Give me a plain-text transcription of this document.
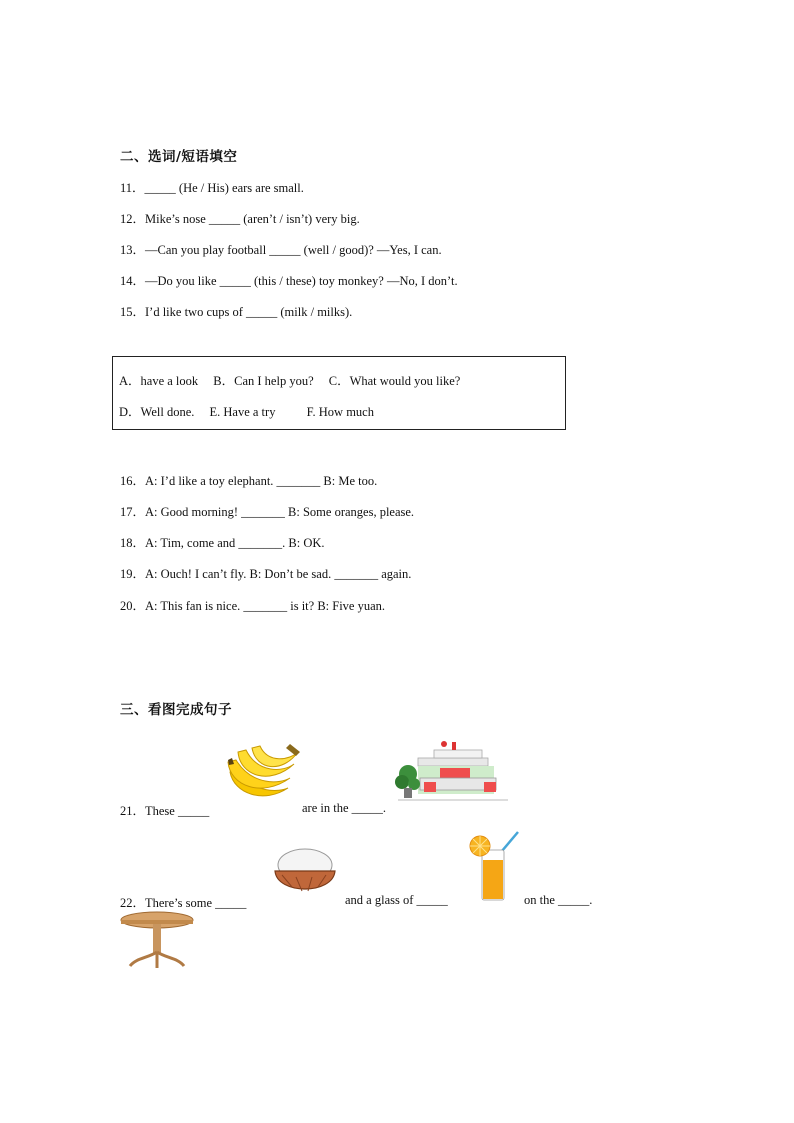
二、选词/短语填空
11．_____ (He / His) ears are small.
12．Mike’s nose _____ (aren’t / isn’t) very big.
13．—Can you play football _____ (well / good)? —Yes, I can.
14．—Do you like _____ (this / these) toy monkey? —No, I don’t.
15．I’d like two cups of _____ (milk / milks).
A．have a look B．Can I help you? C．What would you like?
D．Well done. E. Have a try F. How much
16．A: I’d like a toy elephant. _______ B: Me too.
17．A: Good morning! _______ B: Some oranges, please.
18．A: Tim, come and _______. B: OK.
19．A: Ouch! I can’t fly. B: Don’t be sad. _______ again.
20．A: This fan is nice. _______ is it? B: Five yuan.
三、看图完成句子
21．These _____	are in the _____.
22．There’s some _____	and a glass of _____	on the _____.
